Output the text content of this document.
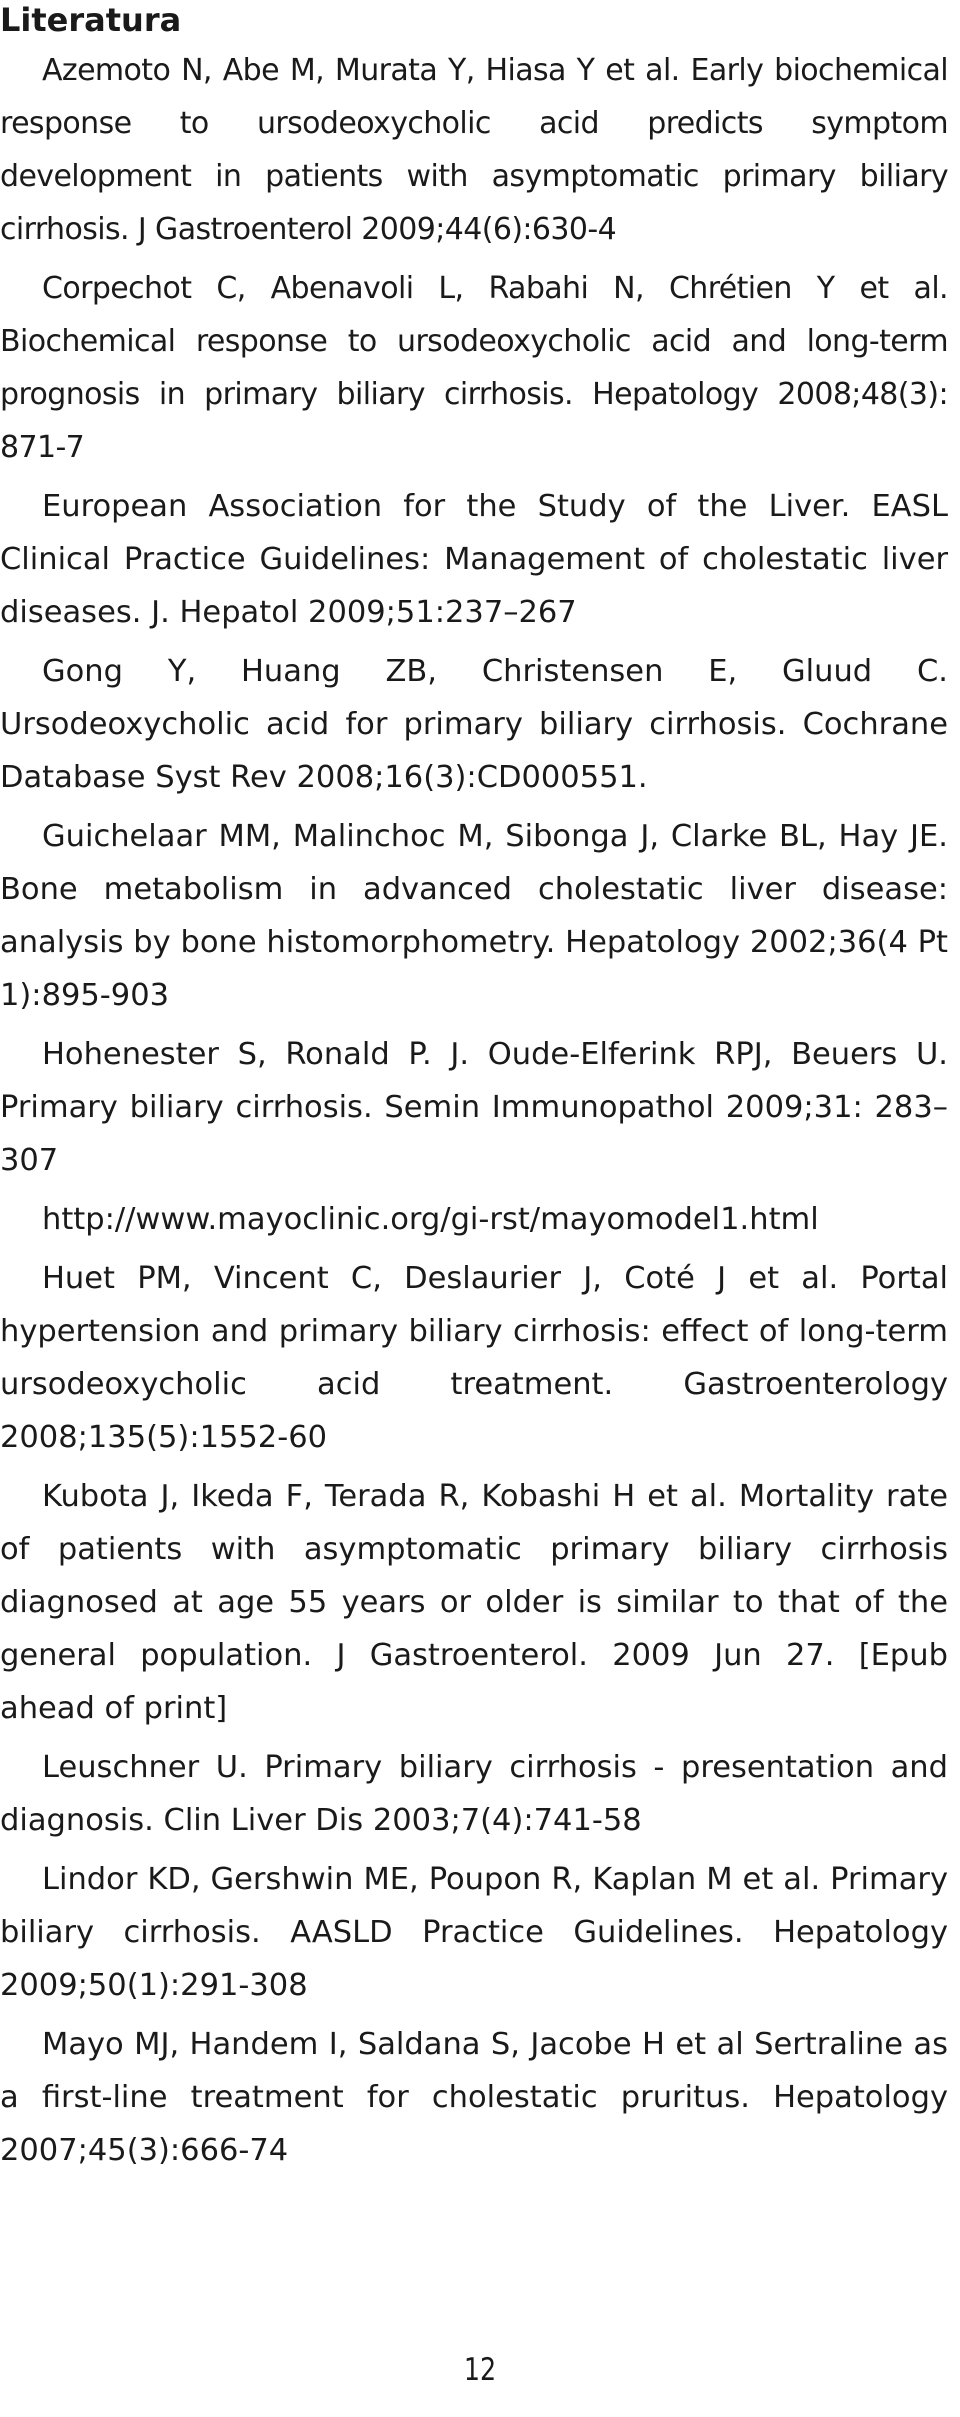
Literatura
Azemoto N, Abe M, Murata Y, Hiasa Y et al. Early biochemical response to ursodeoxycholic acid predicts symptom development in patients with asymptomatic primary biliary cirrhosis. J Gastroenterol 2009;44(6):630-4
Corpechot C, Abenavoli L, Rabahi N, Chrétien Y et al. Biochemical response to ursodeoxycholic acid and long-term prognosis in primary biliary cirrhosis. Hepatology 2008;48(3): 871-7
European Association for the Study of the Liver. EASL Clinical Practice Guidelines: Management of cholestatic liver diseases. J. Hepatol 2009;51:237–267
Gong Y, Huang ZB, Christensen E, Gluud C. Ursodeoxycholic acid for primary biliary cirrhosis. Cochrane Database Syst Rev 2008;16(3):CD000551.
Guichelaar MM, Malinchoc M, Sibonga J, Clarke BL, Hay JE. Bone metabolism in advanced cholestatic liver disease: analysis by bone histomorphometry. Hepatology 2002;36(4 Pt 1):895-903
Hohenester S, Ronald P. J. Oude-Elferink RPJ, Beuers U. Primary biliary cirrhosis. Semin Immunopathol 2009;31: 283–307
http://www.mayoclinic.org/gi-rst/mayomodel1.html
Huet PM, Vincent C, Deslaurier J, Coté J et al. Portal hypertension and primary biliary cirrhosis: effect of long-term ursodeoxycholic acid treatment. Gastroenterology 2008;135(5):1552-60
Kubota J, Ikeda F, Terada R, Kobashi H et al. Mortality rate of patients with asymptomatic primary biliary cirrhosis diagnosed at age 55 years or older is similar to that of the general population. J Gastroenterol. 2009 Jun 27. [Epub ahead of print]
Leuschner U. Primary biliary cirrhosis - presentation and diagnosis. Clin Liver Dis 2003;7(4):741-58
Lindor KD, Gershwin ME, Poupon R, Kaplan M et al. Primary biliary cirrhosis. AASLD Practice Guidelines. Hepatology 2009;50(1):291-308
Mayo MJ, Handem I, Saldana S, Jacobe H et al Sertraline as a first-line treatment for cholestatic pruritus. Hepatology 2007;45(3):666-74
12
